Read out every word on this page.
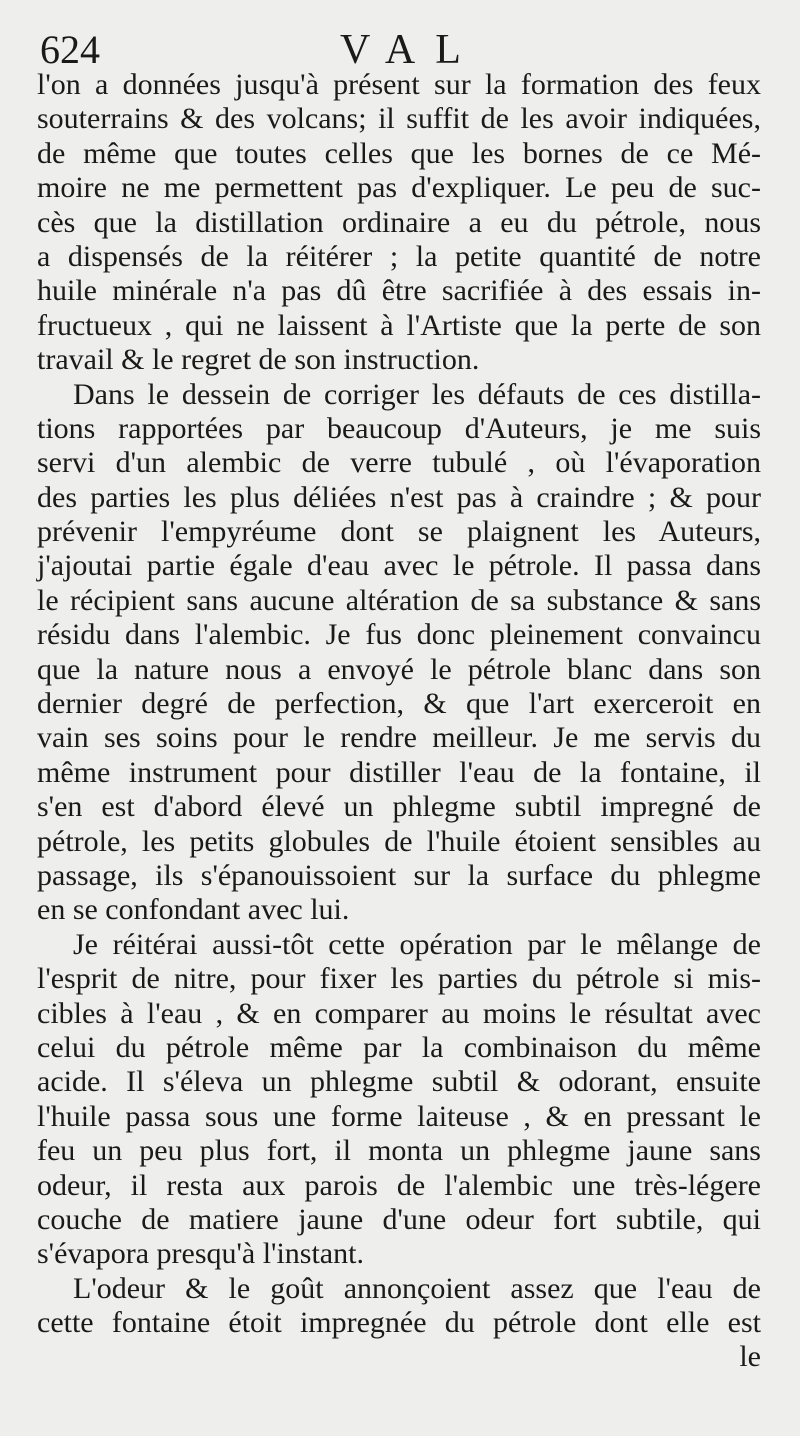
624	VAL
l'on a données jusqu'à présent sur la formation des feux
souterrains & des volcans; il suffit de les avoir indiquées,
de même que toutes celles que les bornes de ce Mé-
moire ne me permettent pas d'expliquer. Le peu de suc-
cès que la distillation ordinaire a eu du pétrole, nous
a dispensés de la réitérer ; la petite quantité de notre
huile minérale n'a pas dû être sacrifiée à des essais in-
fructueux , qui ne laissent à l'Artiste que la perte de son
travail & le regret de son instruction.
Dans le dessein de corriger les défauts de ces distilla-
tions rapportées par beaucoup d'Auteurs, je me suis
servi d'un alembic de verre tubulé , où l'évaporation
des parties les plus déliées n'est pas à craindre ; & pour
prévenir l'empyréume dont se plaignent les Auteurs,
j'ajoutai partie égale d'eau avec le pétrole. Il passa dans
le récipient sans aucune altération de sa substance & sans
résidu dans l'alembic. Je fus donc pleinement convaincu
que la nature nous a envoyé le pétrole blanc dans son
dernier degré de perfection, & que l'art exerceroit en
vain ses soins pour le rendre meilleur. Je me servis du
même instrument pour distiller l'eau de la fontaine, il
s'en est d'abord élevé un phlegme subtil impregné de
pétrole, les petits globules de l'huile étoient sensibles au
passage, ils s'épanouissoient sur la surface du phlegme
en se confondant avec lui.
Je réitérai aussi-tôt cette opération par le mêlange de
l'esprit de nitre, pour fixer les parties du pétrole si mis-
cibles à l'eau , & en comparer au moins le résultat avec
celui du pétrole même par la combinaison du même
acide. Il s'éleva un phlegme subtil & odorant, ensuite
l'huile passa sous une forme laiteuse , & en pressant le
feu un peu plus fort, il monta un phlegme jaune sans
odeur, il resta aux parois de l'alembic une très-légere
couche de matiere jaune d'une odeur fort subtile, qui
s'évapora presqu'à l'instant.
L'odeur & le goût annonçoient assez que l'eau de
cette fontaine étoit impregnée du pétrole dont elle est
le
